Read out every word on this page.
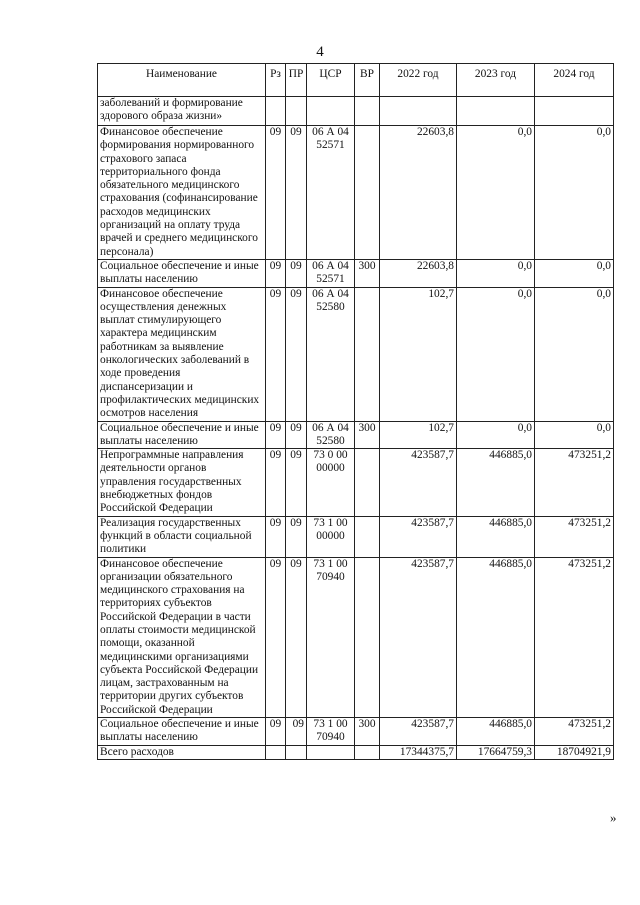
4
Наименование	Рз	ПР	ЦСР	ВР	2022 год	2023 год	2024 год
заболеваний и формирование здорового образа жизни»							
Финансовое обеспечение формирования нормированного страхового запаса территориального фонда обязательного медицинского страхования (софинансирование расходов медицинских организаций на оплату труда врачей и среднего медицинского персонала)	09	09	06 А 04 52571		22603,8	0,0	0,0
Социальное обеспечение и иные выплаты населению	09	09	06 А 04 52571	300	22603,8	0,0	0,0
Финансовое обеспечение осуществления денежных выплат стимулирующего характера медицинским работникам за выявление онкологических заболеваний в ходе проведения диспансеризации и профилактических медицинских осмотров населения	09	09	06 А 04 52580		102,7	0,0	0,0
Социальное обеспечение и иные выплаты населению	09	09	06 А 04 52580	300	102,7	0,0	0,0
Непрограммные направления деятельности органов управления государственных внебюджетных фондов Российской Федерации	09	09	73 0 00 00000		423587,7	446885,0	473251,2
Реализация государственных функций в области социальной политики	09	09	73 1 00 00000		423587,7	446885,0	473251,2
Финансовое обеспечение организации обязательного медицинского страхования на территориях субъектов Российской Федерации в части оплаты стоимости медицинской помощи, оказанной медицинскими организациями субъекта Российской Федерации лицам, застрахованным на территории других субъектов Российской Федерации	09	09	73 1 00 70940		423587,7	446885,0	473251,2
Социальное обеспечение и иные выплаты населению	09	09	73 1 00 70940	300	423587,7	446885,0	473251,2
Всего расходов					17344375,7	17664759,3	18704921,9
»
